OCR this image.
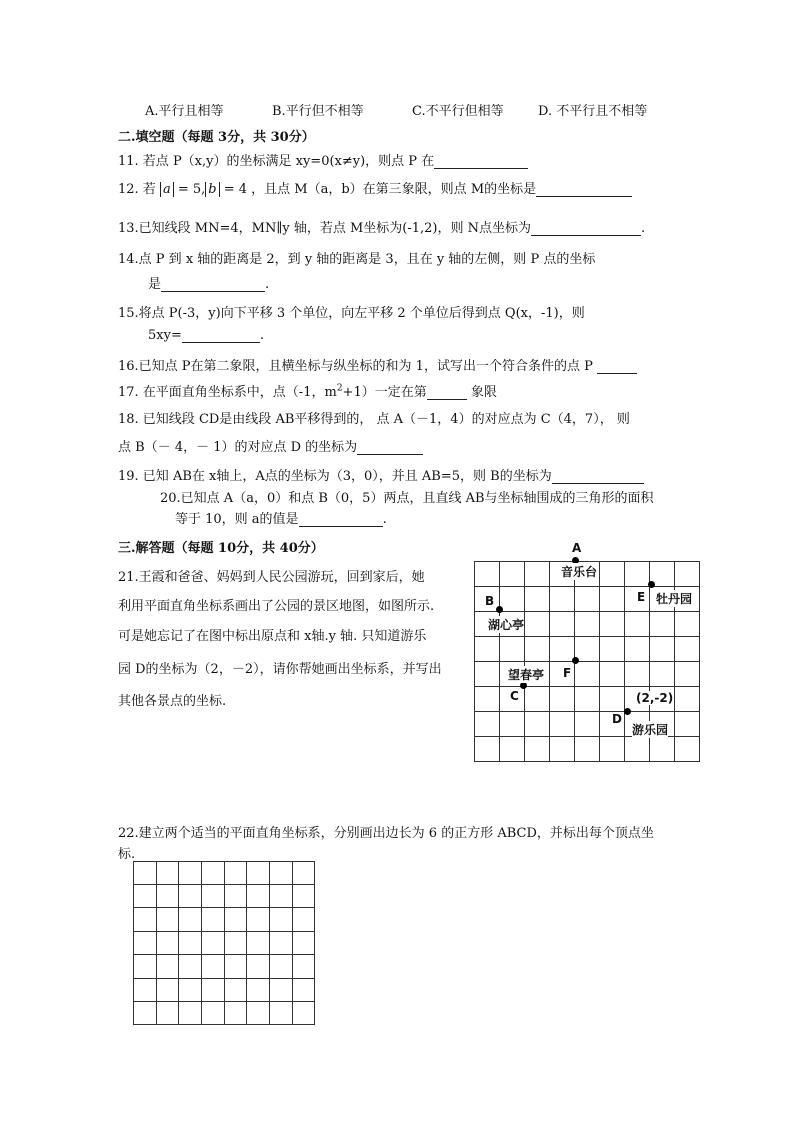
A.平行且相等	B.平行但不相等	C.不平行但相等	D. 不平行且不相等
二.填空题（每题 3分，共 30分）
11. 若点 P（x,y）的坐标满足 xy=0(x≠y)，则点 P 在
12. 若 a = 5, b = 4 ，且点 M（a，b）在第三象限，则点 M的坐标是
13.已知线段 MN=4，MN∥y 轴，若点 M坐标为(-1,2)，则 N点坐标为	.
14.点 P 到 x 轴的距离是 2，到 y 轴的距离是 3，且在 y 轴的左侧，则 P 点的坐标
是	.
15.将点 P(-3，y)向下平移 3 个单位，向左平移 2 个单位后得到点 Q(x，-1)，则
5xy=	.
16.已知点 P在第二象限，且横坐标与纵坐标的和为 1，试写出一个符合条件的点 P
17. 在平面直角坐标系中，点（-1，$m^2+1$）一定在第	象限
18. 已知线段 CD是由线段 AB平移得到的， 点 A（－1，4）的对应点为 C（4，7）， 则
点 B（－ 4，－ 1）的对应点 D 的坐标为
19. 已知 AB在 x轴上，A点的坐标为（3，0），并且 AB=5，则 B的坐标为
20.已知点 A（a，0）和点 B（0，5）两点，且直线 AB与坐标轴围成的三角形的面积
等于 10，则 a的值是	.
三.解答题（每题 10分，共 40分）
21.王霞和爸爸、妈妈到人民公园游玩，回到家后，她
利用平面直角坐标系画出了公园的景区地图，如图所示.
可是她忘记了在图中标出原点和 x轴.y 轴. 只知道游乐
园 D的坐标为（2，－2），请你帮她画出坐标系，并写出
其他各景点的坐标.
A
音乐台
E 牡丹园
B
湖心亭
望春亭 F
C	(2,-2)
D
游乐园
22.建立两个适当的平面直角坐标系，分别画出边长为 6 的正方形 ABCD，并标出每个顶点坐
标.
